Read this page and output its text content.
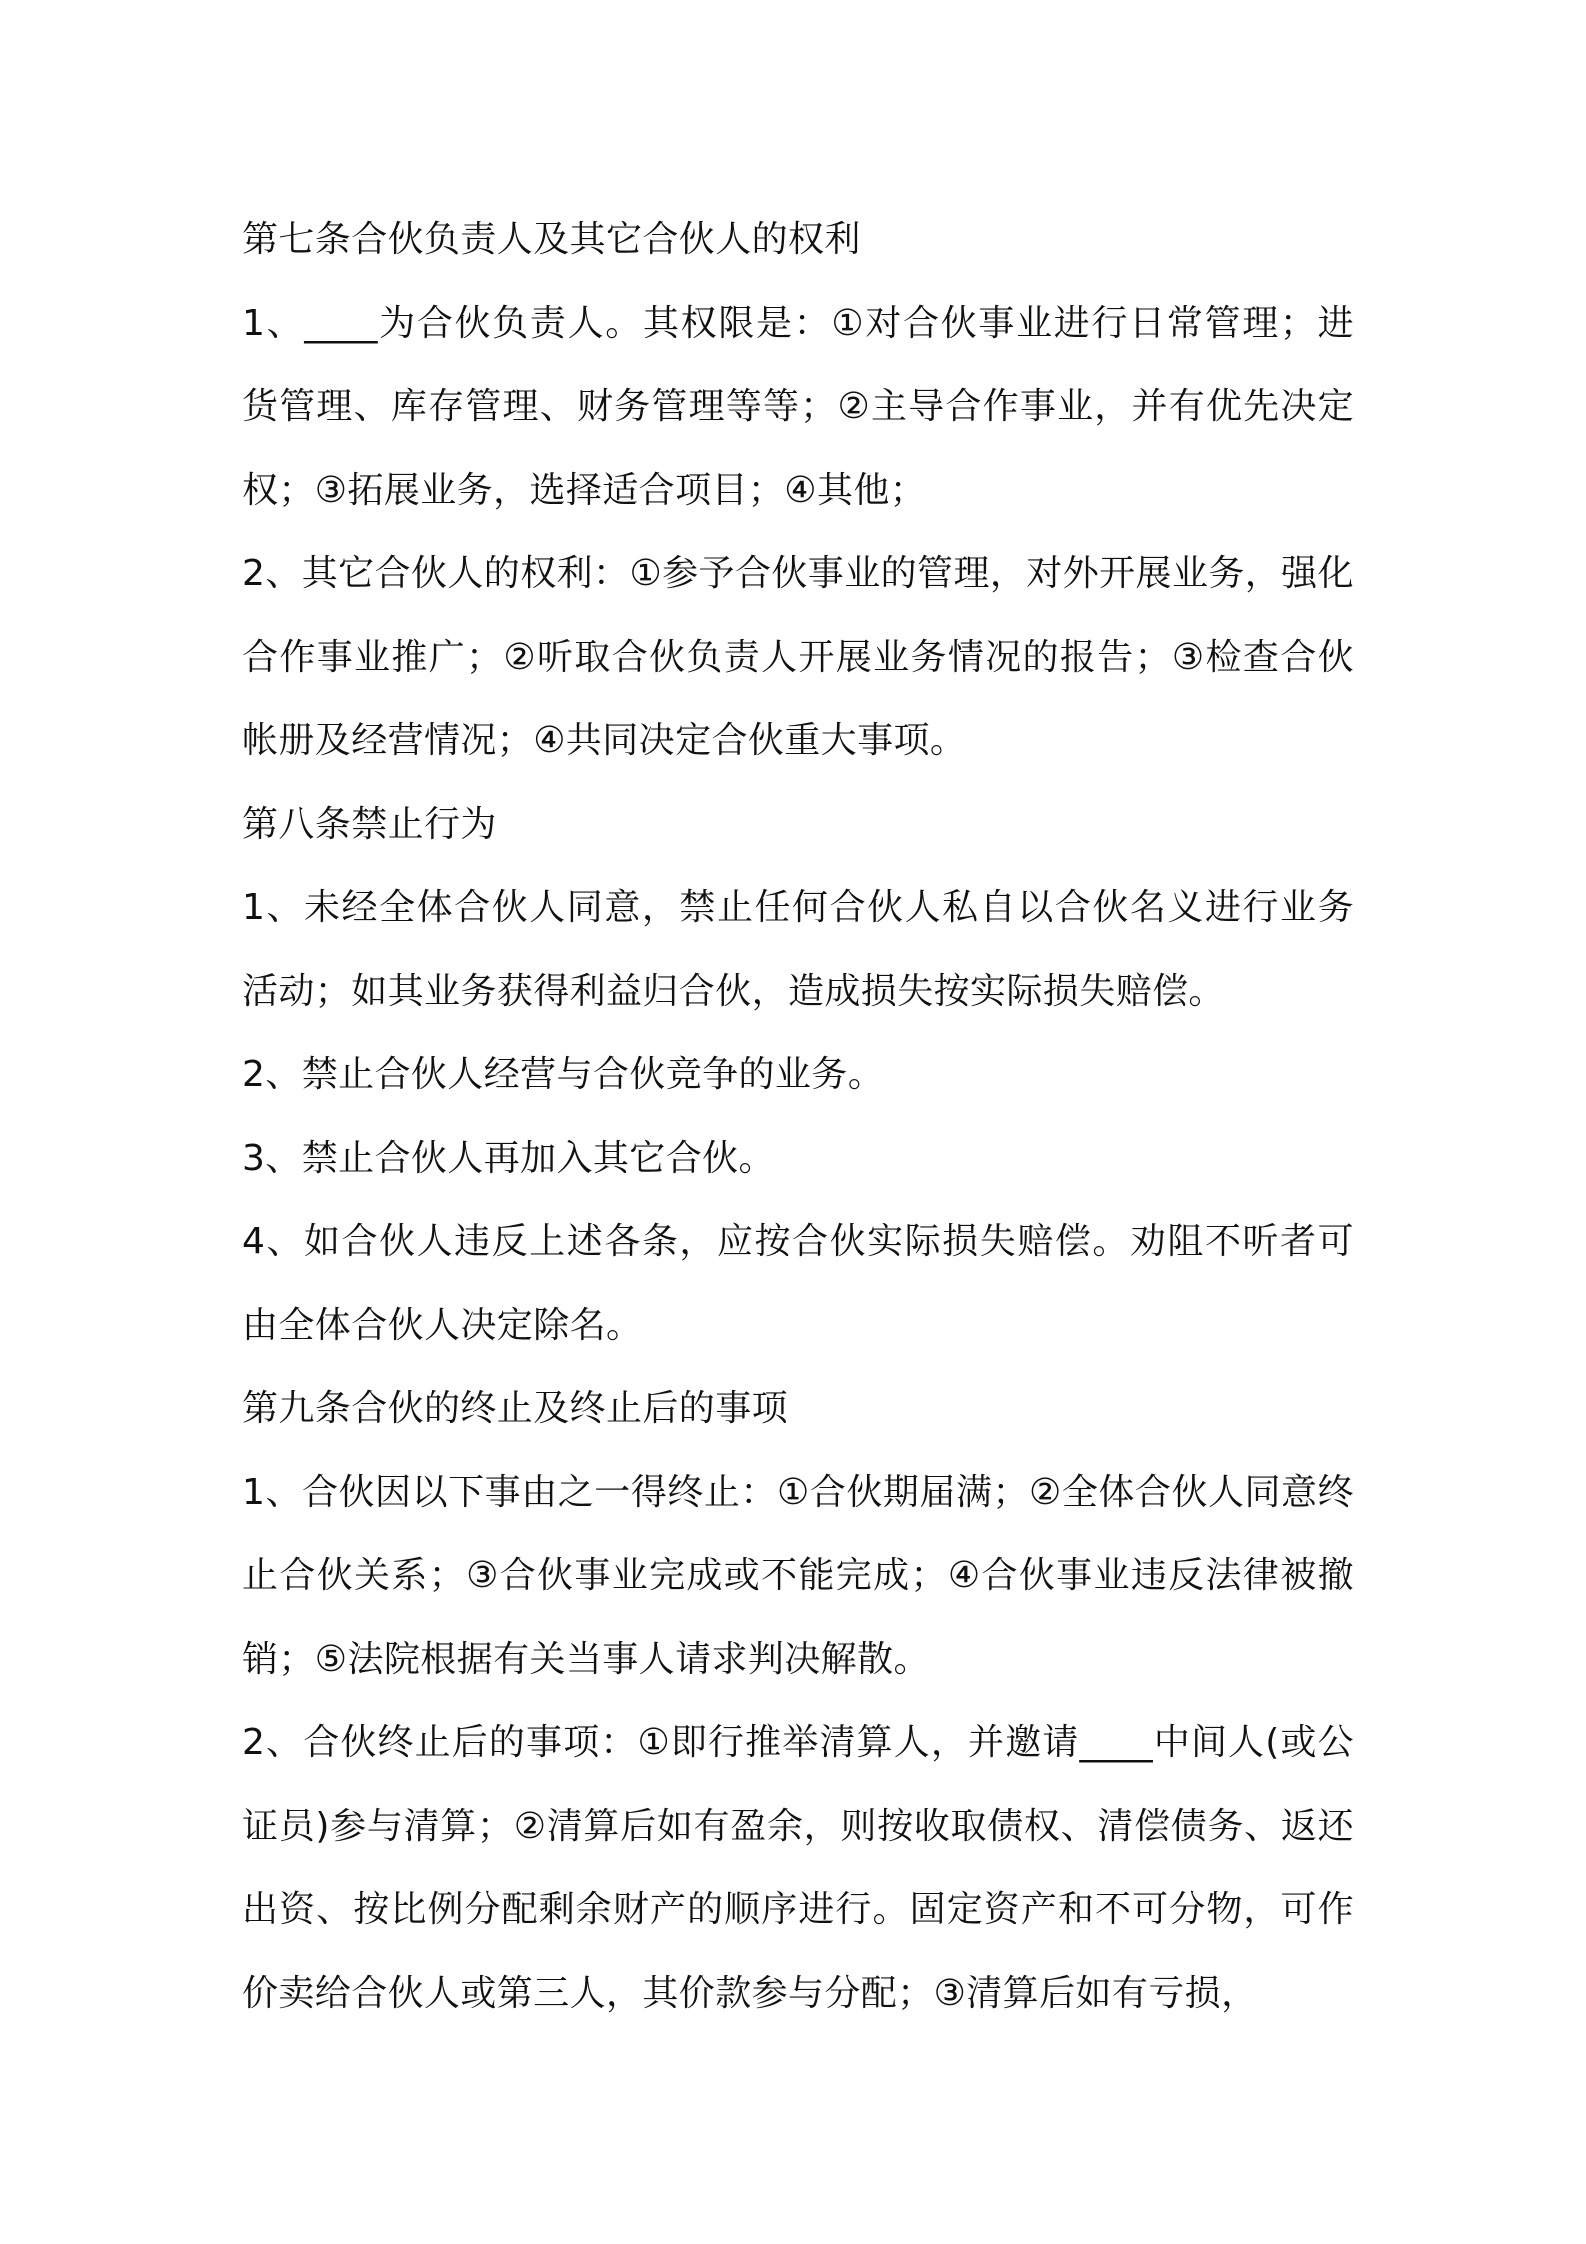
第七条合伙负责人及其它合伙人的权利

1、____为合伙负责人。其权限是：①对合伙事业进行日常管理；进货管理、库存管理、财务管理等等；②主导合作事业，并有优先决定权；③拓展业务，选择适合项目；④其他；

2、其它合伙人的权利：①参予合伙事业的管理，对外开展业务，强化合作事业推广；②听取合伙负责人开展业务情况的报告；③检查合伙帐册及经营情况；④共同决定合伙重大事项。

第八条禁止行为

1、未经全体合伙人同意，禁止任何合伙人私自以合伙名义进行业务活动；如其业务获得利益归合伙，造成损失按实际损失赔偿。

2、禁止合伙人经营与合伙竞争的业务。

3、禁止合伙人再加入其它合伙。

4、如合伙人违反上述各条，应按合伙实际损失赔偿。劝阻不听者可由全体合伙人决定除名。

第九条合伙的终止及终止后的事项

1、合伙因以下事由之一得终止：①合伙期届满；②全体合伙人同意终止合伙关系；③合伙事业完成或不能完成；④合伙事业违反法律被撤销；⑤法院根据有关当事人请求判决解散。

2、合伙终止后的事项：①即行推举清算人，并邀请____中间人(或公证员)参与清算；②清算后如有盈余，则按收取债权、清偿债务、返还出资、按比例分配剩余财产的顺序进行。固定资产和不可分物，可作价卖给合伙人或第三人，其价款参与分配；③清算后如有亏损，
